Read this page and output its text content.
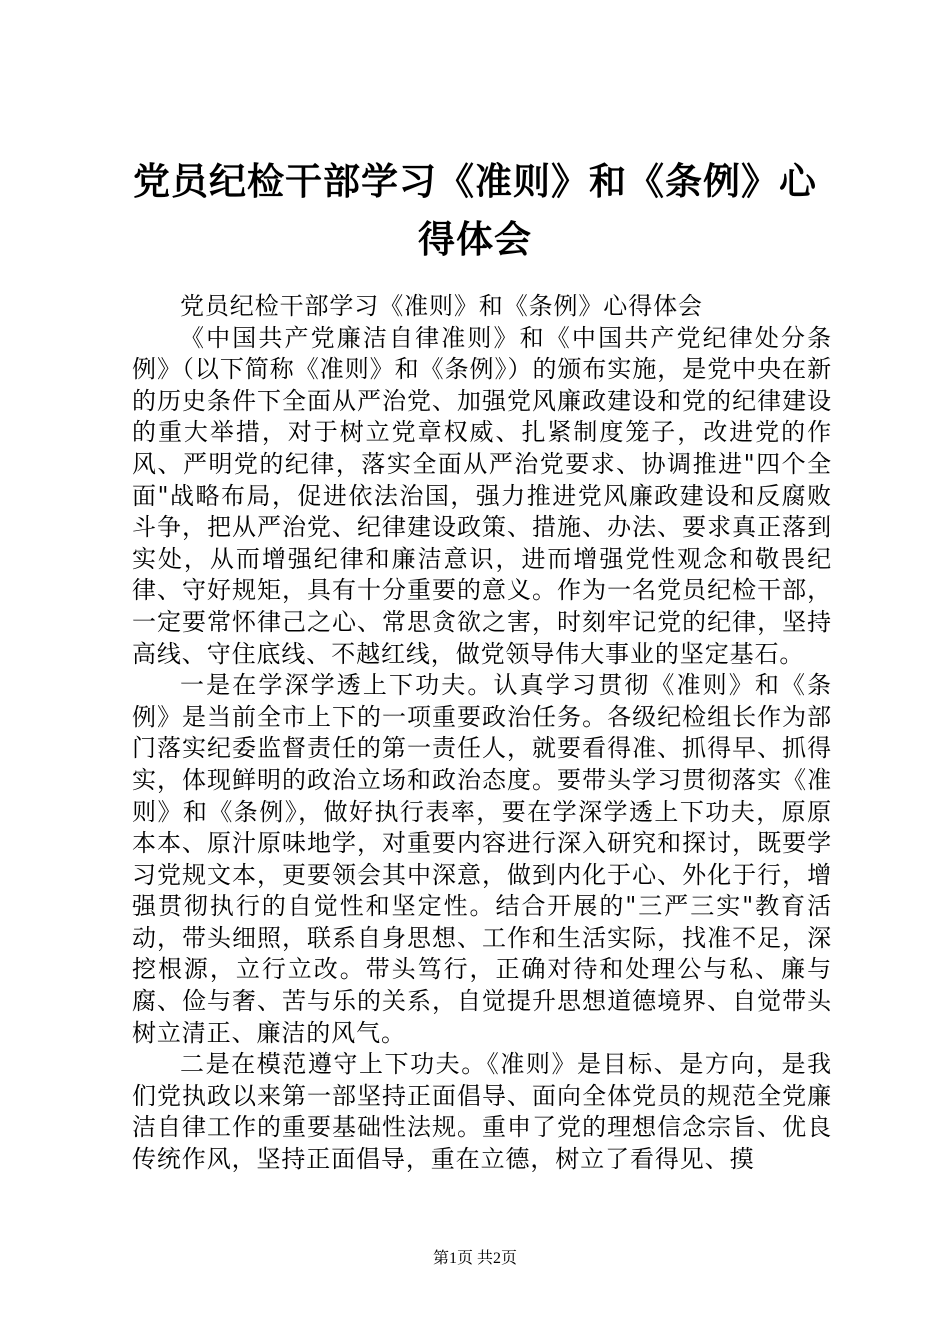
党员纪检干部学习《准则》和《条例》心得体会

党员纪检干部学习《准则》和《条例》心得体会

《中国共产党廉洁自律准则》和《中国共产党纪律处分条例》（以下简称《准则》和《条例》）的颁布实施，是党中央在新的历史条件下全面从严治党、加强党风廉政建设和党的纪律建设的重大举措，对于树立党章权威、扎紧制度笼子，改进党的作风、严明党的纪律，落实全面从严治党要求、协调推进"四个全面"战略布局，促进依法治国，强力推进党风廉政建设和反腐败斗争，把从严治党、纪律建设政策、措施、办法、要求真正落到实处，从而增强纪律和廉洁意识，进而增强党性观念和敬畏纪律、守好规矩，具有十分重要的意义。作为一名党员纪检干部，一定要常怀律己之心、常思贪欲之害，时刻牢记党的纪律，坚持高线、守住底线、不越红线，做党领导伟大事业的坚定基石。

一是在学深学透上下功夫。认真学习贯彻《准则》和《条例》是当前全市上下的一项重要政治任务。各级纪检组长作为部门落实纪委监督责任的第一责任人，就要看得准、抓得早、抓得实，体现鲜明的政治立场和政治态度。要带头学习贯彻落实《准则》和《条例》，做好执行表率，要在学深学透上下功夫，原原本本、原汁原味地学，对重要内容进行深入研究和探讨，既要学习党规文本，更要领会其中深意，做到内化于心、外化于行，增强贯彻执行的自觉性和坚定性。结合开展的"三严三实"教育活动，带头细照，联系自身思想、工作和生活实际，找准不足，深挖根源，立行立改。带头笃行，正确对待和处理公与私、廉与腐、俭与奢、苦与乐的关系，自觉提升思想道德境界、自觉带头树立清正、廉洁的风气。

二是在模范遵守上下功夫。《准则》是目标、是方向，是我们党执政以来第一部坚持正面倡导、面向全体党员的规范全党廉洁自律工作的重要基础性法规。重申了党的理想信念宗旨、优良传统作风，坚持正面倡导，重在立德，树立了看得见、摸

第1页 共2页
